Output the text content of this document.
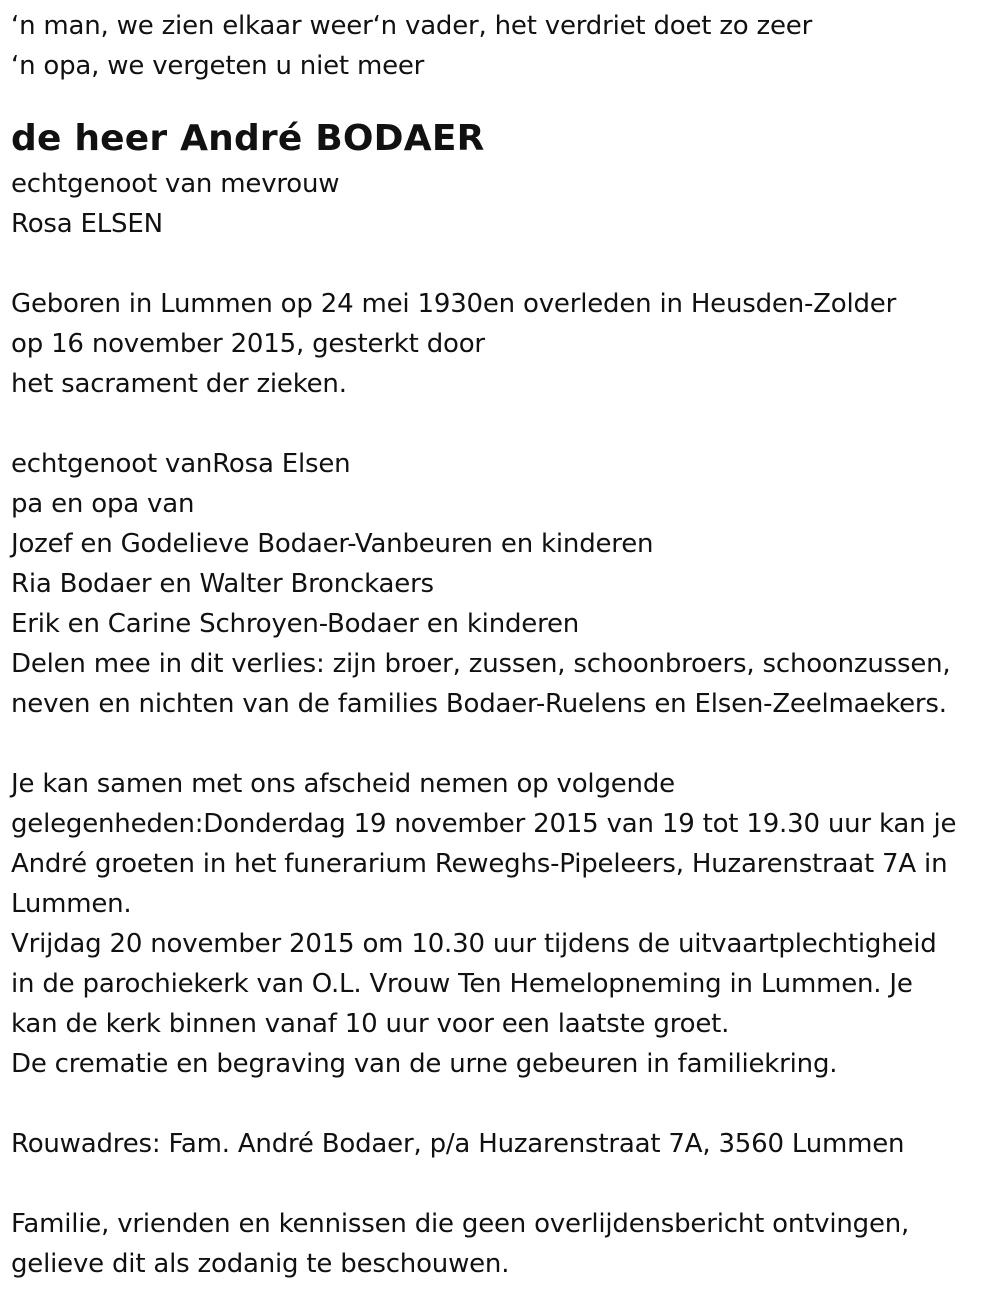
‘n man, we zien elkaar weer‘n vader, het verdriet doet zo zeer
‘n opa, we vergeten u niet meer
de heer André BODAER
echtgenoot van mevrouw
Rosa ELSEN
Geboren in Lummen op 24 mei 1930en overleden in Heusden-Zolder
op 16 november 2015, gesterkt door
het sacrament der zieken.
echtgenoot vanRosa Elsen
pa en opa van
Jozef en Godelieve Bodaer-Vanbeuren en kinderen
Ria Bodaer en Walter Bronckaers
Erik en Carine Schroyen-Bodaer en kinderen
Delen mee in dit verlies: zijn broer, zussen, schoonbroers, schoonzussen,
neven en nichten van de families Bodaer-Ruelens en Elsen-Zeelmaekers.
Je kan samen met ons afscheid nemen op volgende
gelegenheden:Donderdag 19 november 2015 van 19 tot 19.30 uur kan je
André groeten in het funerarium Reweghs-Pipeleers, Huzarenstraat 7A in
Lummen.
Vrijdag 20 november 2015 om 10.30 uur tijdens de uitvaartplechtigheid
in de parochiekerk van O.L. Vrouw Ten Hemelopneming in Lummen. Je
kan de kerk binnen vanaf 10 uur voor een laatste groet.
De crematie en begraving van de urne gebeuren in familiekring.
Rouwadres: Fam. André Bodaer, p/a Huzarenstraat 7A, 3560 Lummen
Familie, vrienden en kennissen die geen overlijdensbericht ontvingen,
gelieve dit als zodanig te beschouwen.
